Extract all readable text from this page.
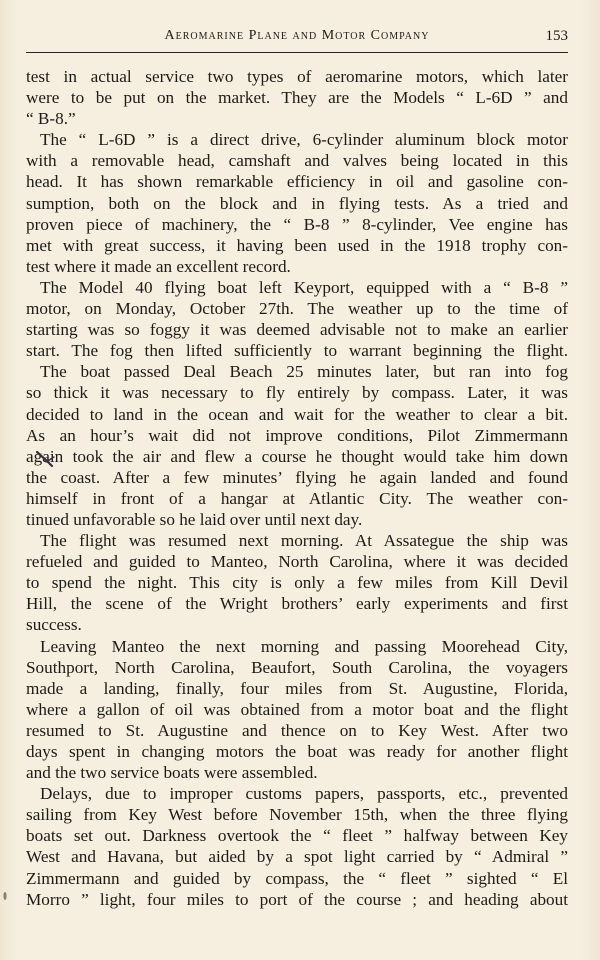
Aeromarine Plane and Motor Company	153
test in actual service two types of aeromarine motors, which later
were to be put on the market. They are the Models “ L-6D ” and
“ B-8.”
The “ L-6D ” is a direct drive, 6-cylinder aluminum block motor
with a removable head, camshaft and valves being located in this
head. It has shown remarkable efficiency in oil and gasoline con-
sumption, both on the block and in flying tests. As a tried and
proven piece of machinery, the “ B-8 ” 8-cylinder, Vee engine has
met with great success, it having been used in the 1918 trophy con-
test where it made an excellent record.
The Model 40 flying boat left Keyport, equipped with a “ B-8 ”
motor, on Monday, October 27th. The weather up to the time of
starting was so foggy it was deemed advisable not to make an earlier
start. The fog then lifted sufficiently to warrant beginning the flight.
The boat passed Deal Beach 25 minutes later, but ran into fog
so thick it was necessary to fly entirely by compass. Later, it was
decided to land in the ocean and wait for the weather to clear a bit.
As an hour’s wait did not improve conditions, Pilot Zimmermann
again took the air and flew a course he thought would take him down
the coast. After a few minutes’ flying he again landed and found
himself in front of a hangar at Atlantic City. The weather con-
tinued unfavorable so he laid over until next day.
The flight was resumed next morning. At Assategue the ship was
refueled and guided to Manteo, North Carolina, where it was decided
to spend the night. This city is only a few miles from Kill Devil
Hill, the scene of the Wright brothers’ early experiments and first
success.
Leaving Manteo the next morning and passing Moorehead City,
Southport, North Carolina, Beaufort, South Carolina, the voyagers
made a landing, finally, four miles from St. Augustine, Florida,
where a gallon of oil was obtained from a motor boat and the flight
resumed to St. Augustine and thence on to Key West. After two
days spent in changing motors the boat was ready for another flight
and the two service boats were assembled.
Delays, due to improper customs papers, passports, etc., prevented
sailing from Key West before November 15th, when the three flying
boats set out. Darkness overtook the “ fleet ” halfway between Key
West and Havana, but aided by a spot light carried by “ Admiral ”
Zimmermann and guided by compass, the “ fleet ” sighted “ El
Morro ” light, four miles to port of the course ; and heading about
